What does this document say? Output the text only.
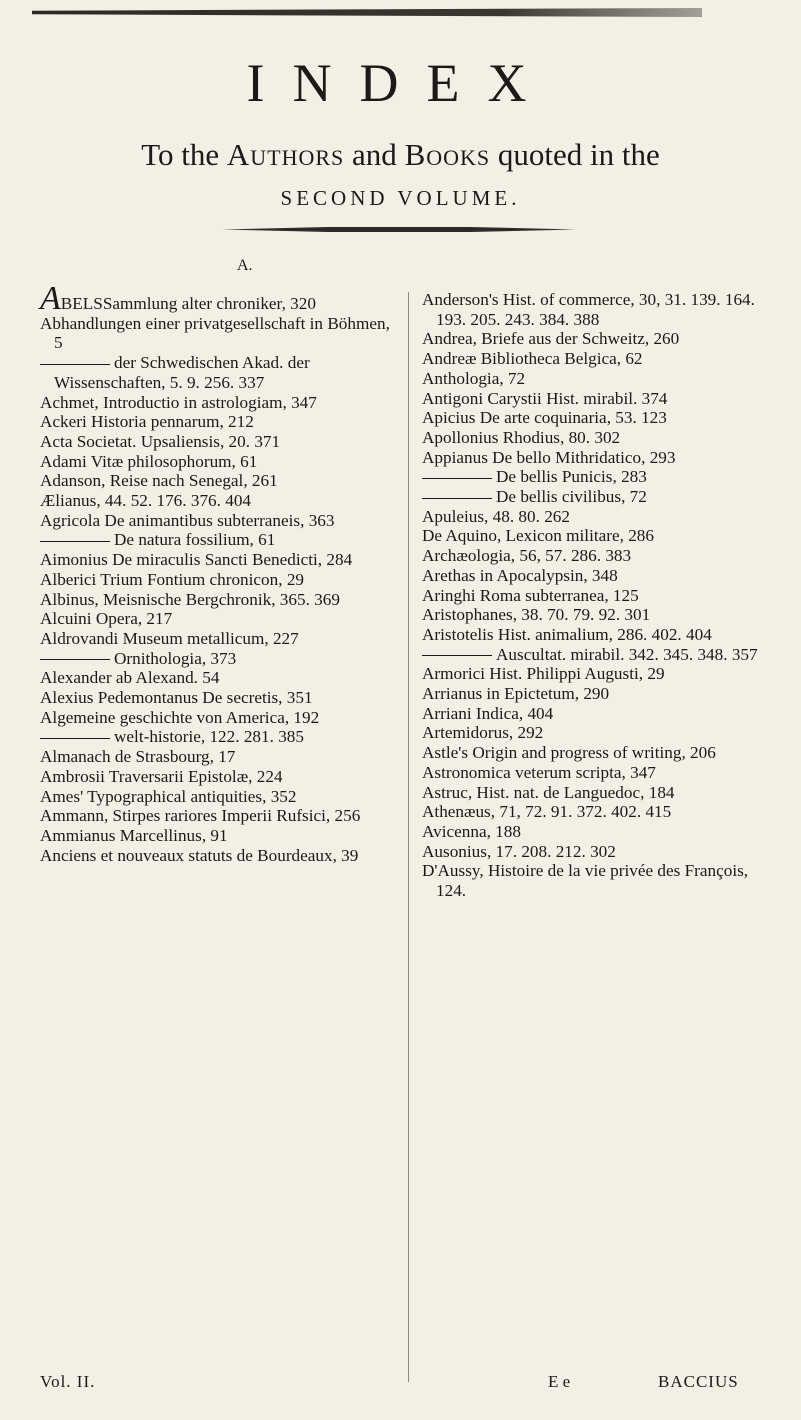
INDEX
To the Authors and Books quoted in the
SECOND VOLUME.
A.

ABELSSammlung alter chroniker, 320

Abhandlungen einer privatgesellschaft in Böhmen, 5

der Schwedischen Akad. der Wissenschaften, 5. 9. 256. 337

Achmet, Introductio in astrologiam, 347

Ackeri Historia pennarum, 212

Acta Societat. Upsaliensis, 20. 371

Adami Vitæ philosophorum, 61

Adanson, Reise nach Senegal, 261

Ælianus, 44. 52. 176. 376. 404

Agricola De animantibus subterraneis, 363

De natura fossilium, 61

Aimonius De miraculis Sancti Benedicti, 284

Alberici Trium Fontium chronicon, 29

Albinus, Meisnische Bergchronik, 365. 369

Alcuini Opera, 217

Aldrovandi Museum metallicum, 227

Ornithologia, 373

Alexander ab Alexand. 54

Alexius Pedemontanus De secretis, 351

Algemeine geschichte von America, 192

welt-historie, 122. 281. 385

Almanach de Strasbourg, 17

Ambrosii Traversarii Epistolæ, 224

Ames' Typographical antiquities, 352

Ammann, Stirpes rariores Imperii Rufsici, 256

Ammianus Marcellinus, 91

Anciens et nouveaux statuts de Bourdeaux, 39

Anderson's Hist. of commerce, 30, 31. 139. 164. 193. 205. 243. 384. 388

Andrea, Briefe aus der Schweitz, 260

Andreæ Bibliotheca Belgica, 62

Anthologia, 72

Antigoni Carystii Hist. mirabil. 374

Apicius De arte coquinaria, 53. 123

Apollonius Rhodius, 80. 302

Appianus De bello Mithridatico, 293

De bellis Punicis, 283

De bellis civilibus, 72

Apuleius, 48. 80. 262

De Aquino, Lexicon militare, 286

Archæologia, 56, 57. 286. 383

Arethas in Apocalypsin, 348

Aringhi Roma subterranea, 125

Aristophanes, 38. 70. 79. 92. 301

Aristotelis Hist. animalium, 286. 402. 404

Auscultat. mirabil. 342. 345. 348. 357

Armorici Hist. Philippi Augusti, 29

Arrianus in Epictetum, 290

Arriani Indica, 404

Artemidorus, 292

Astle's Origin and progress of writing, 206

Astronomica veterum scripta, 347

Astruc, Hist. nat. de Languedoc, 184

Athenæus, 71, 72. 91. 372. 402. 415

Avicenna, 188

Ausonius, 17. 208. 212. 302

D'Aussy, Histoire de la vie privée des François, 124.

Vol. II.	E e	BACCIUS
